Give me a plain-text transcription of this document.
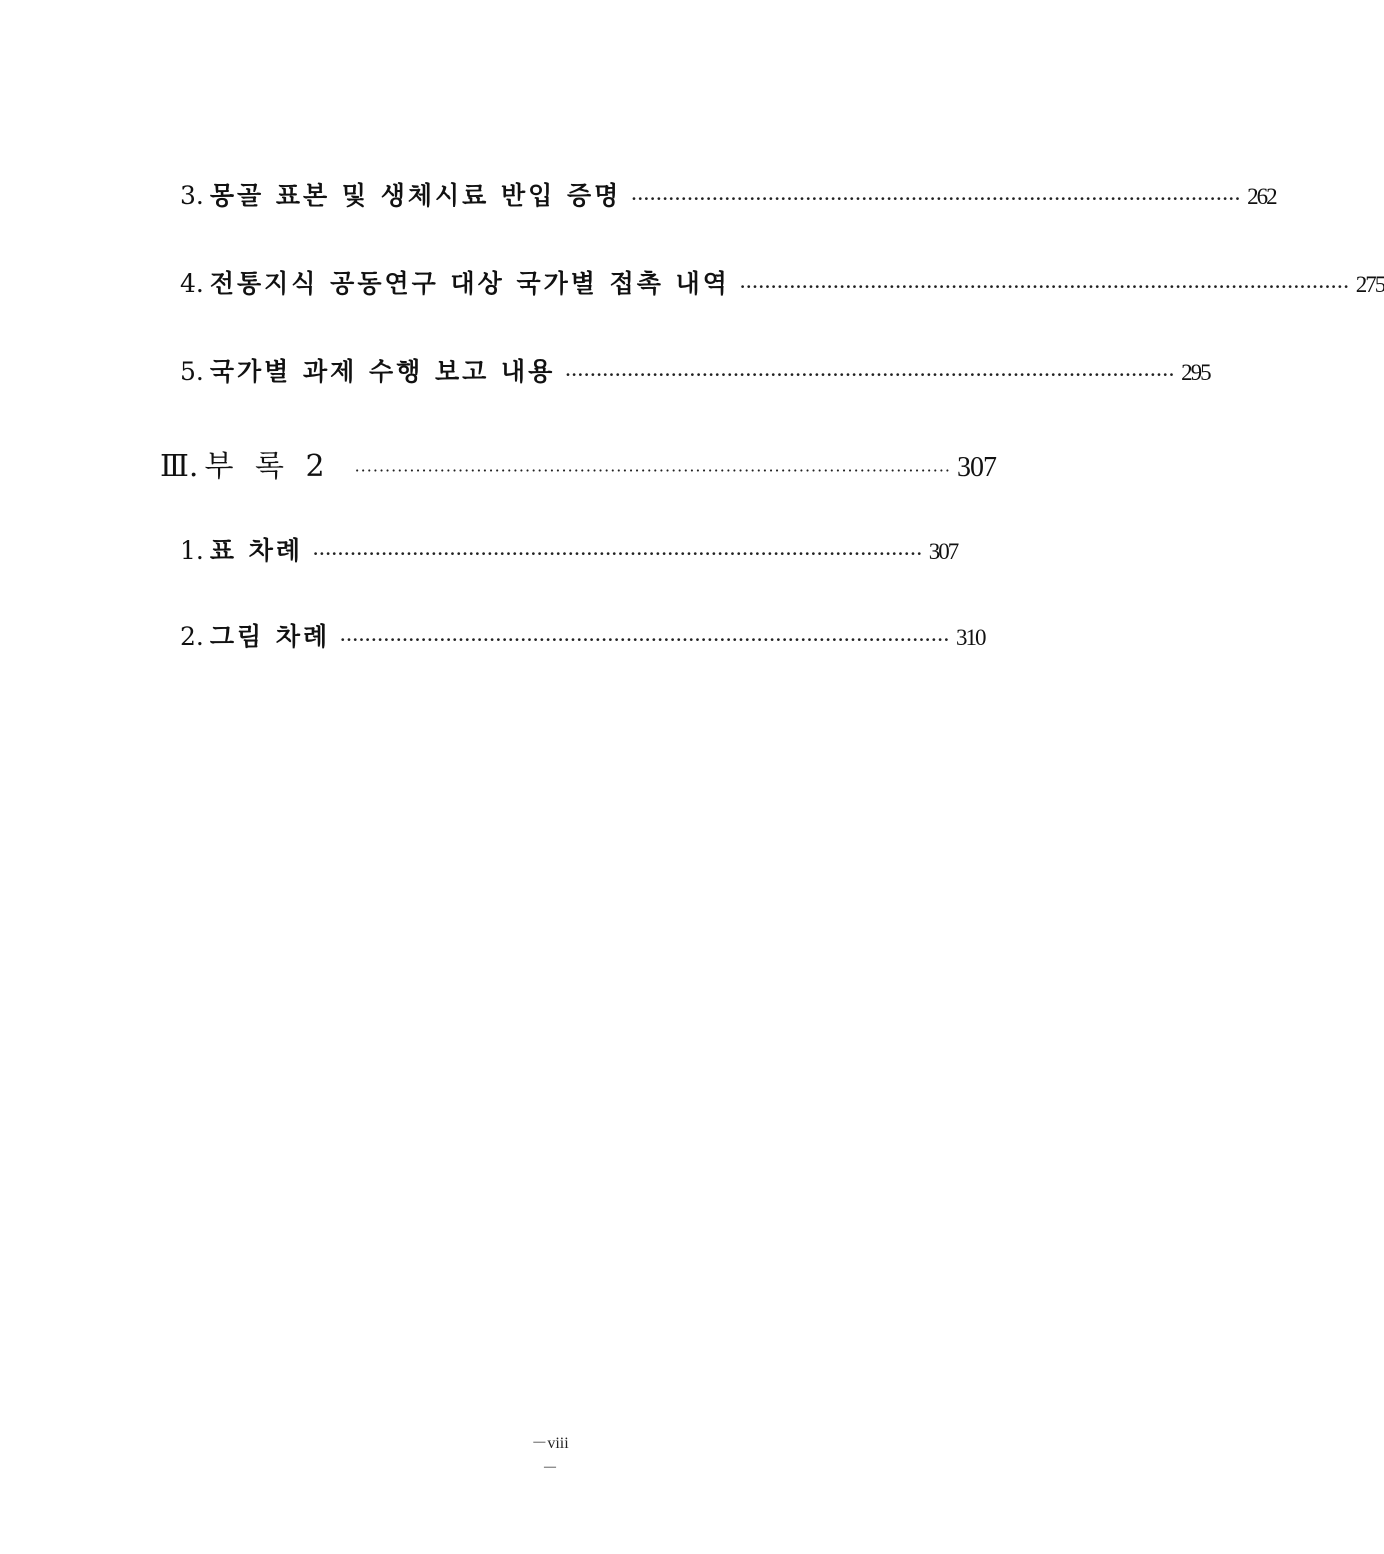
3. 몽골 표본 및 생체시료 반입 증명 ·································································································· 262
4. 전통지식 공동연구 대상 국가별 접촉 내역 ·································································································· 275
5. 국가별 과제 수행 보고 내용 ·································································································· 295
Ⅲ. 부 록 2 ·································································································· 307
1. 표 차례 ·································································································· 307
2. 그림 차례 ·································································································· 310
－viii
－
